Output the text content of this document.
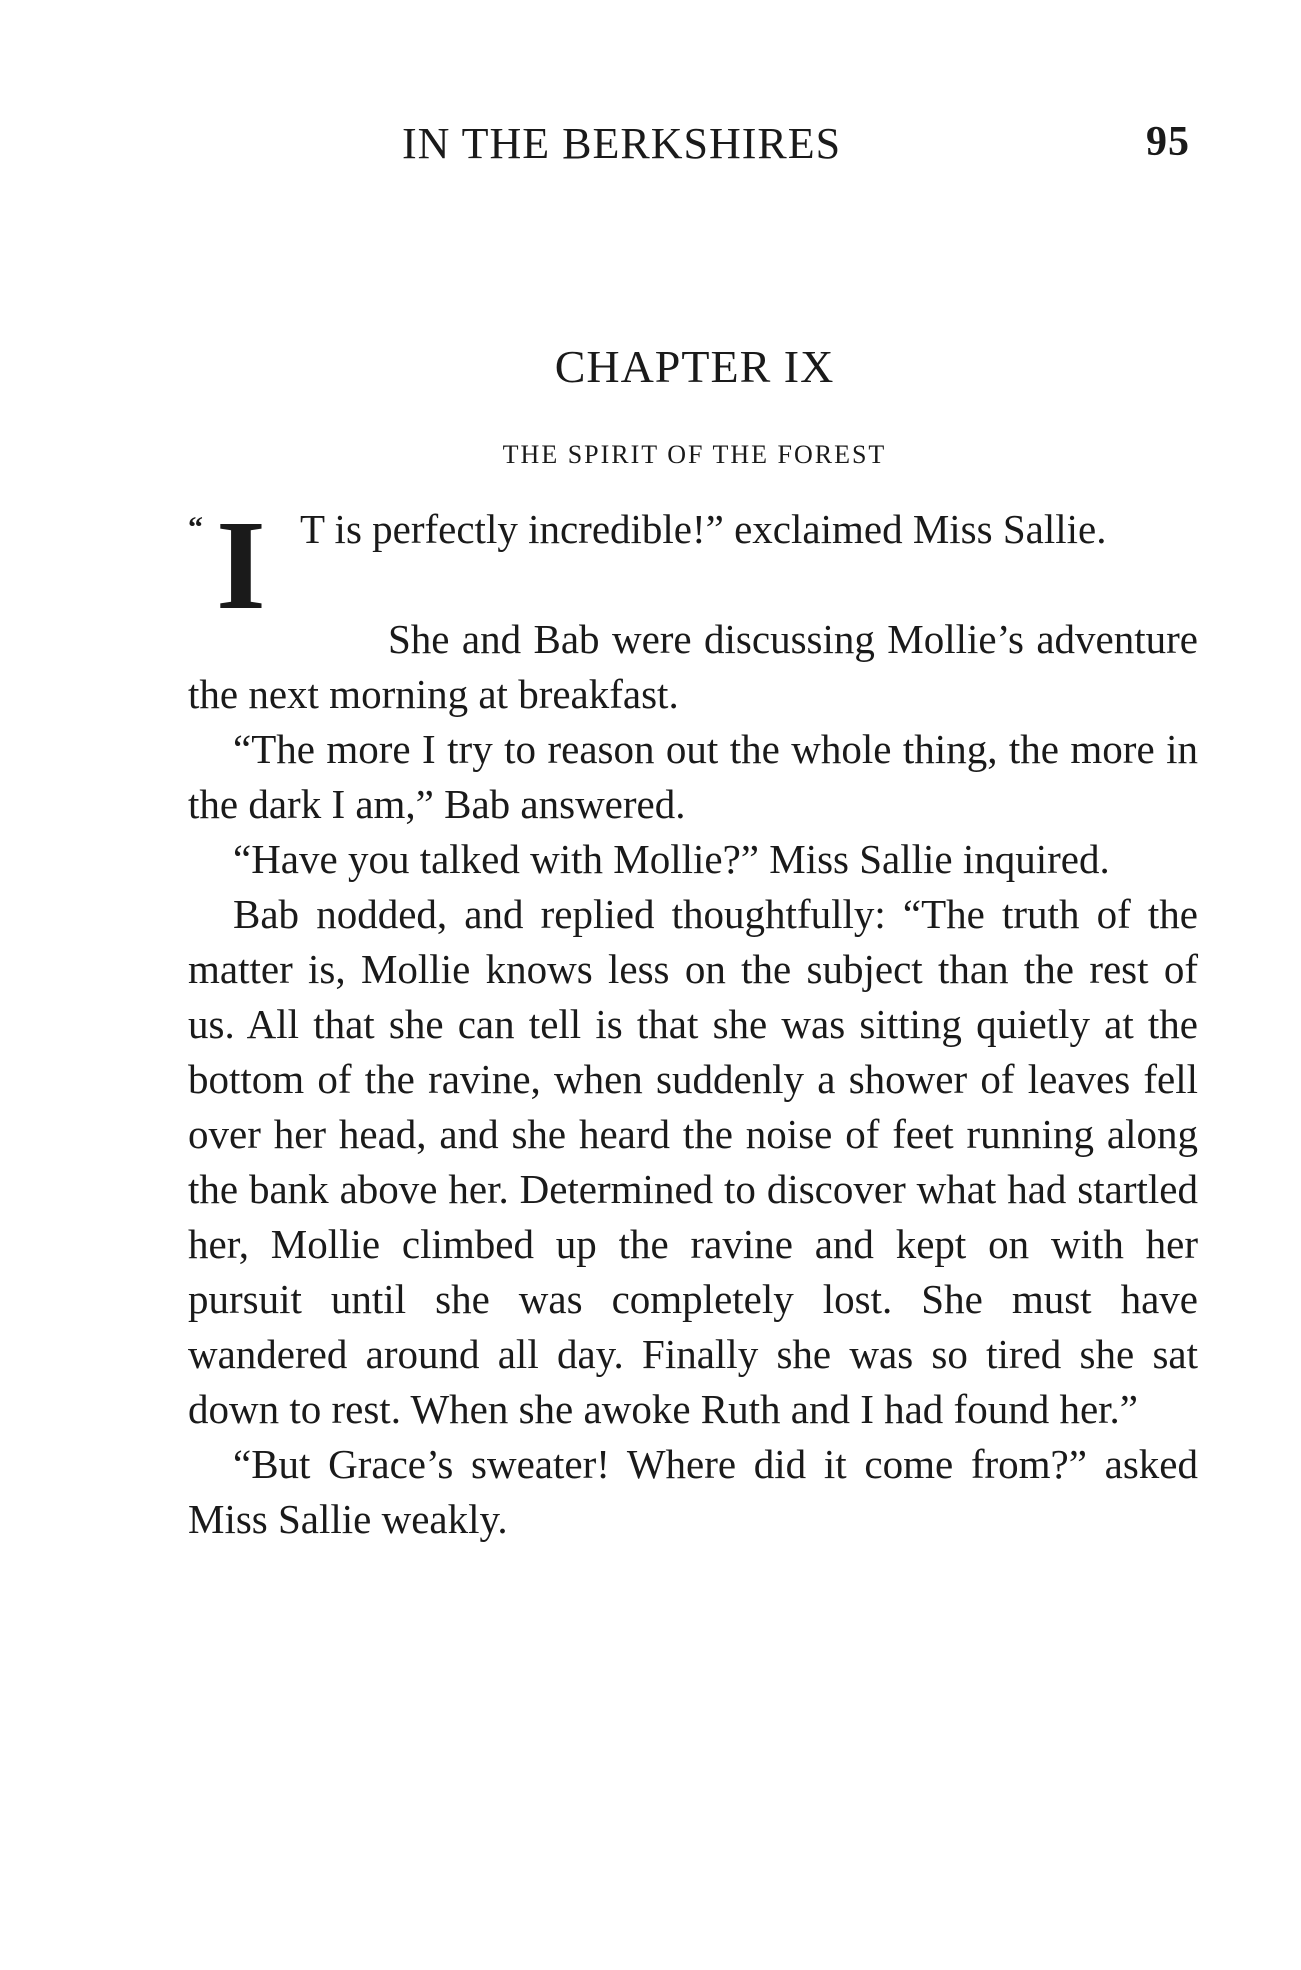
IN THE BERKSHIRES	95
CHAPTER IX
THE SPIRIT OF THE FOREST
“ I T is perfectly incredible!” exclaimed Miss Sallie.

She and Bab were discussing Mollie’s adventure the next morning at breakfast.

“The more I try to reason out the whole thing, the more in the dark I am,” Bab answered.

“Have you talked with Mollie?” Miss Sallie inquired.

Bab nodded, and replied thoughtfully: “The truth of the matter is, Mollie knows less on the subject than the rest of us. All that she can tell is that she was sitting quietly at the bottom of the ravine, when suddenly a shower of leaves fell over her head, and she heard the noise of feet running along the bank above her. Determined to discover what had startled her, Mollie climbed up the ravine and kept on with her pursuit until she was completely lost. She must have wandered around all day. Finally she was so tired she sat down to rest. When she awoke Ruth and I had found her.”

“But Grace’s sweater! Where did it come from?” asked Miss Sallie weakly.
